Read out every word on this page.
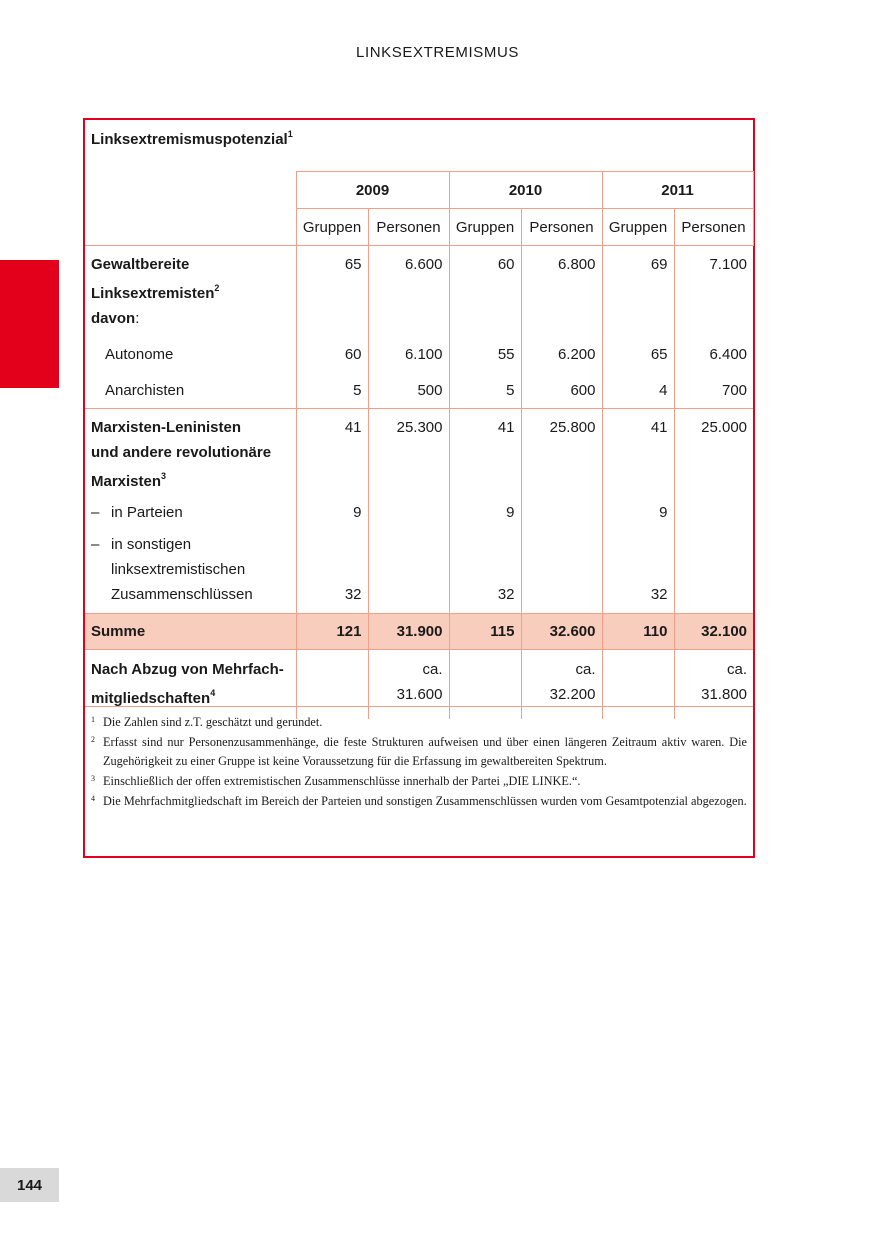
LINKSEXTREMISMUS
144
Linksextremismuspotenzial$^1$
	2009		2010		2011	
	Gruppen	Personen	Gruppen	Personen	Gruppen	Personen
Gewaltbereite
Linksextremisten$^2$
davon:	65	6.600	60	6.800	69	7.100
Autonome	60	6.100	55	6.200	65	6.400
Anarchisten	5	500	5	600	4	700
Marxisten-Leninisten
und andere revolutionäre
Marxisten$^3$	41	25.300	41	25.800	41	25.000
– in Parteien	9		9		9	
– in sonstigen
linksextremistischen
Zusammenschlüssen	32		32		32	
Summe	121	31.900	115	32.600	110	32.100
Nach Abzug von Mehrfach-
mitgliedschaften$^4$		ca. 31.600		ca. 32.200		ca. 31.800
1 Die Zahlen sind z.T. geschätzt und gerundet.
2 Erfasst sind nur Personenzusammenhänge, die feste Strukturen aufweisen und über einen längeren Zeitraum aktiv waren. Die Zugehörigkeit zu einer Gruppe ist keine Voraussetzung für die Erfassung im gewaltbereiten Spektrum.
3 Einschließlich der offen extremistischen Zusammenschlüsse innerhalb der Partei „DIE LINKE.“.
4 Die Mehrfachmitgliedschaft im Bereich der Parteien und sonstigen Zusammenschlüssen wurden vom Gesamtpotenzial abgezogen.
